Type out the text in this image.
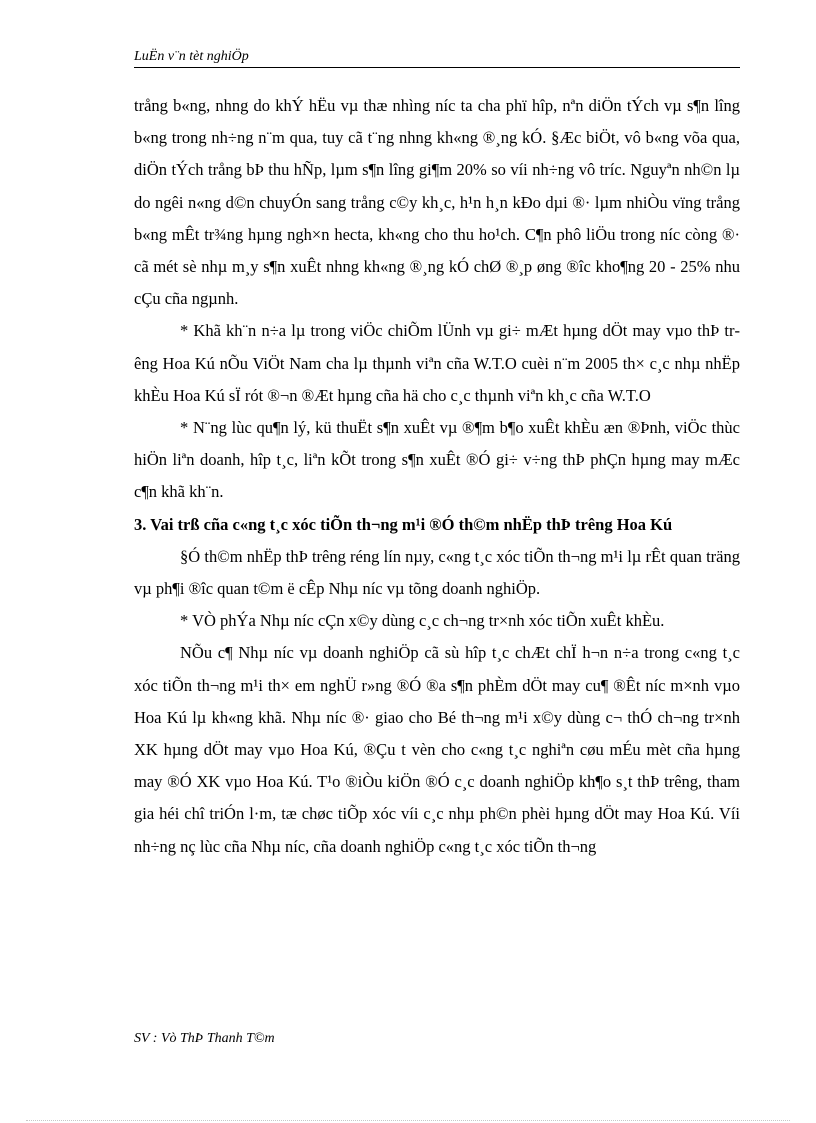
LuËn v¨n tèt nghiÖp

trång b«ng, nhng do khÝ hËu vµ thæ nhìng níc ta cha phï hîp, nªn diÖn tÝch vµ s¶n lîng b«ng trong nh÷ng n¨m qua, tuy cã t¨ng nhng kh«ng ®¸ng kÓ. §Æc biÖt, vô b«ng võa qua, diÖn tÝch trång bÞ thu hÑp, lµm s¶n lîng gi¶m 20% so víi nh÷ng vô tríc. Nguyªn nh©n lµ do ngêi n«ng d©n chuyÓn sang trång c©y kh¸c, h¹n h¸n kÐo dµi ®· lµm nhiÒu vïng trång b«ng mÊt tr¾ng hµng ngh×n hecta, kh«ng cho thu ho¹ch. C¶n phô liÖu trong níc còng ®· cã mét sè nhµ m¸y s¶n xuÊt nhng kh«ng ®¸ng kÓ chØ ®¸p øng ®îc kho¶ng 20 - 25% nhu cÇu cña ngµnh.

* Khã kh¨n n÷a lµ trong viÖc chiÕm lÜnh vµ gi÷ mÆt hµng dÖt may vµo thÞ trêng Hoa Kú nÕu ViÖt Nam cha lµ thµnh viªn cña W.T.O cuèi n¨m 2005 th× c¸c nhµ nhËp khÈu Hoa Kú sÏ rót ®¬n ®Æt hµng cña hä cho c¸c thµnh viªn kh¸c cña W.T.O

* N¨ng lùc qu¶n lý, kü thuËt s¶n xuÊt vµ ®¶m b¶o xuÊt khÈu æn ®Þnh, viÖc thùc hiÖn liªn doanh, hîp t¸c, liªn kÕt trong s¶n xuÊt ®Ó gi÷ v÷ng thÞ phÇn hµng may mÆc c¶n khã kh¨n.

3. Vai trß cña c«ng t¸c xóc tiÕn th¬ng m¹i ®Ó th©m nhËp thÞ trêng Hoa Kú

§Ó th©m nhËp thÞ trêng réng lín nµy, c«ng t¸c xóc tiÕn th¬ng m¹i lµ rÊt quan träng vµ ph¶i ®îc quan t©m ë cÊp Nhµ níc vµ tõng doanh nghiÖp.

* VÒ phÝa Nhµ níc cÇn x©y dùng c¸c ch¬ng tr×nh xóc tiÕn xuÊt khÈu.

NÕu c¶ Nhµ níc vµ doanh nghiÖp cã sù hîp t¸c chÆt chÏ h¬n n÷a trong c«ng t¸c xóc tiÕn th¬ng m¹i th× em nghÜ r»ng ®Ó ®a s¶n phÈm dÖt may cu¶ ®Êt níc m×nh vµo Hoa Kú lµ kh«ng khã. Nhµ níc ®· giao cho Bé th¬ng m¹i x©y dùng c¬ thÓ ch¬ng tr×nh XK hµng dÖt may vµo Hoa Kú, ®Çu t vèn cho c«ng t¸c nghiªn cøu mÉu mèt cña hµng may ®Ó XK vµo Hoa Kú. T¹o ®iÒu kiÖn ®Ó c¸c doanh nghiÖp kh¶o s¸t thÞ trêng, tham gia héi chî triÓn l·m, tæ chøc tiÕp xóc víi c¸c nhµ ph©n phèi hµng dÖt may Hoa Kú. Víi nh÷ng nç lùc cña Nhµ níc, cña doanh nghiÖp c«ng t¸c xóc tiÕn th¬ng

SV : Vò ThÞ Thanh T©m
